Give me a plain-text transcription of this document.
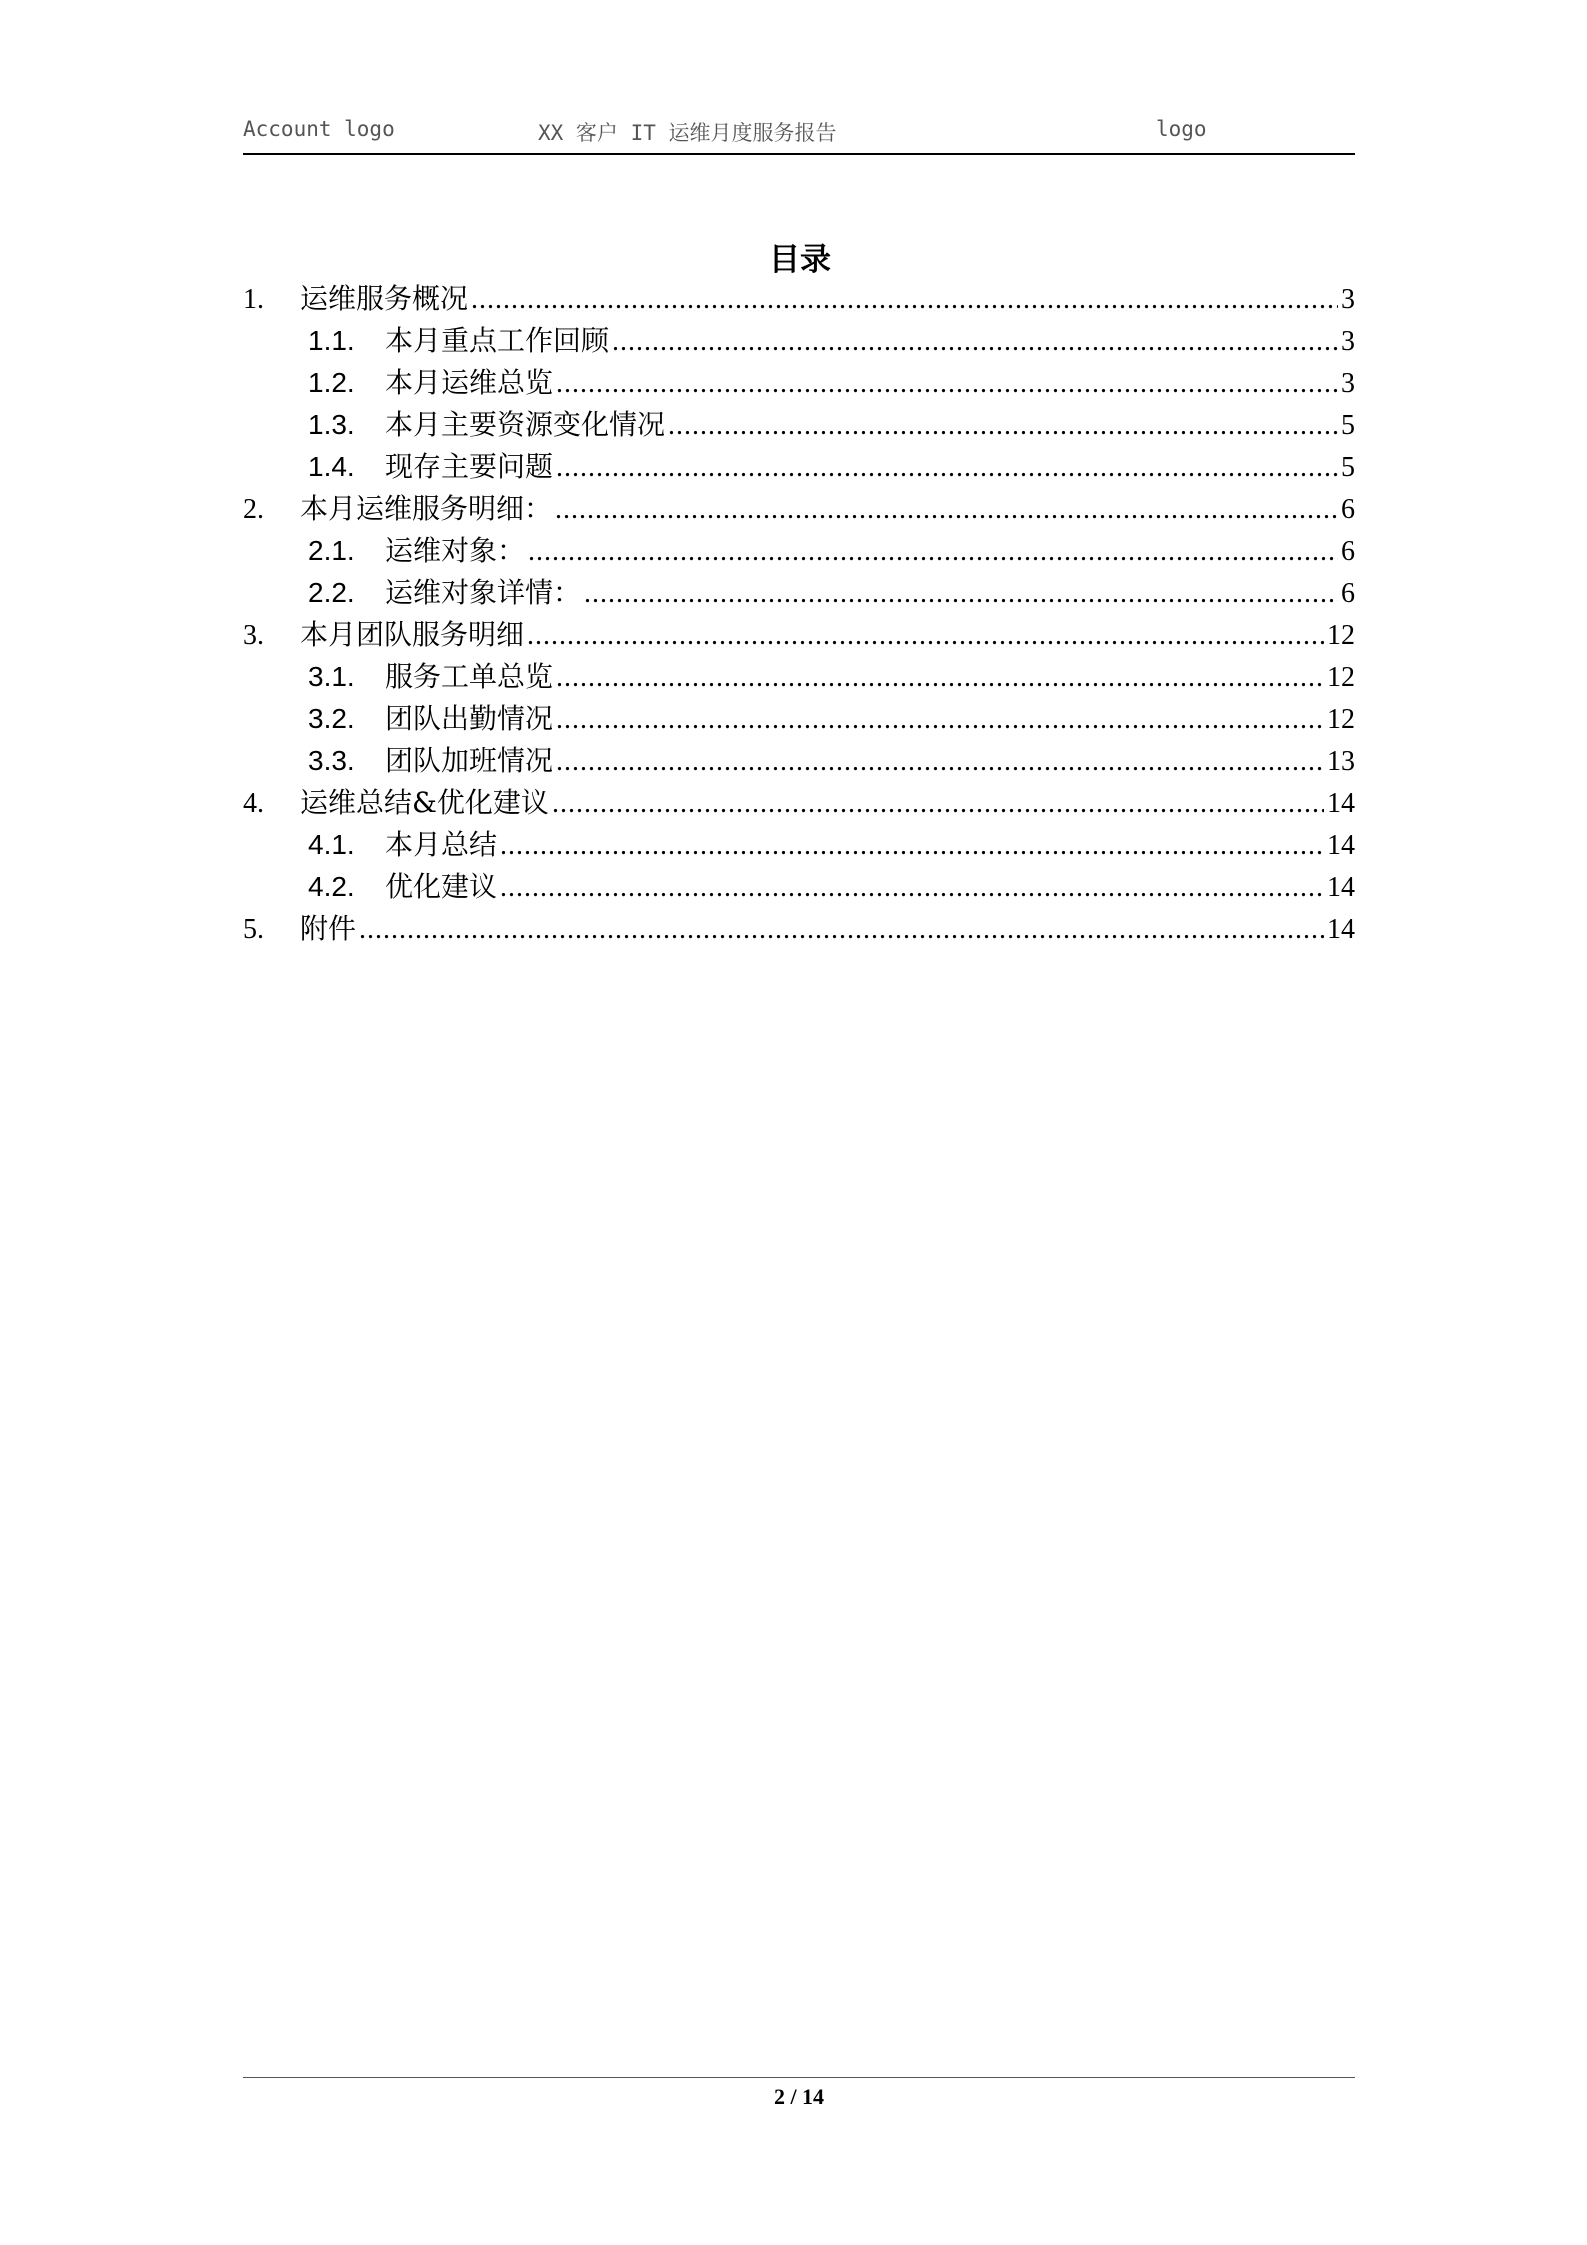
Account logo	XX 客户 IT 运维月度服务报告	logo
目录
1.	运维服务概况 .....	3
1.1.	本月重点工作回顾 .....	3
1.2.	本月运维总览 .....	3
1.3.	本月主要资源变化情况 .....	5
1.4.	现存主要问题 .....	5
2.	本月运维服务明细： .....	6
2.1.	运维对象： .....	6
2.2.	运维对象详情： .....	6
3.	本月团队服务明细 .....	12
3.1.	服务工单总览 .....	12
3.2.	团队出勤情况 .....	12
3.3.	团队加班情况 .....	13
4.	运维总结&优化建议 .....	14
4.1.	本月总结 .....	14
4.2.	优化建议 .....	14
5.	附件 .....	14
2 / 14
